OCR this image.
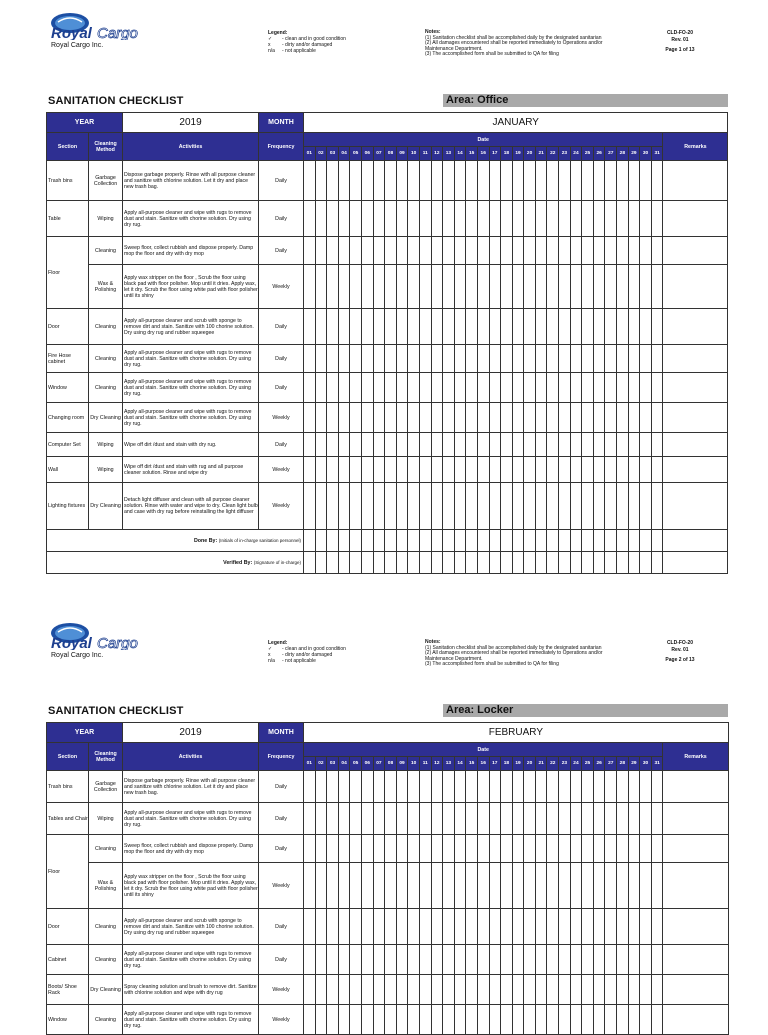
Royal Cargo
Royal Cargo Inc.
Legend:
✓ - clean and in good condition
x - dirty and/or damaged
n/a - not applicable
Notes:
(1) Sanitation checklist shall be accomplished daily by the designated sanitarian
(2) All damages encountered shall be reported immediately to Operations and/or Maintenance Department.
(3) The accomplished form shall be submitted to QA for filing
CLD-FO-20
Rev. 01
Page 1 of 13
SANITATION CHECKLIST	Area: Office
YEAR		2019	MONTH	JANUARY																															
Section	Cleaning Method	Activities	Frequency	Date																															Remarks
				01	02	03	04	05	06	07	08	09	10	11	12	13	14	15	16	17	18	19	20	21	22	23	24	25	26	27	28	29	30	31	
Trash bins	Garbage Collection	Dispose garbage properly. Rinse with all purpose cleaner and sanitize with chlorine solution. Let it dry and place new trash bag.	Daily																																
Table	Wiping	Apply all-purpose cleaner and wipe with rugs to remove dust and stain. Sanitize with chorine solution. Dry using dry rug.	Daily																																
Floor	Cleaning	Sweep floor, collect rubbish and dispose properly. Damp mop the floor and dry with dry mop	Daily																																
	Wax & Polishing	Apply wax stripper on the floor , Scrub the floor using black pad with floor polisher. Mop until it dries. Apply wax, let it dry. Scrub the floor using white pad with floor polisher until its shiny	Weekly																																
Door	Cleaning	Apply all-purpose cleaner and scrub with sponge to remove dirt and stain. Sanitize with 100 chorine solution. Dry using dry rug and rubber squeegee	Daily																																
Fire Hose cabinet	Cleaning	Apply all-purpose cleaner and wipe with rugs to remove dust and stain. Sanitize with chorine solution. Dry using dry rug.	Daily																																
Window	Cleaning	Apply all-purpose cleaner and wipe with rugs to remove dust and stain. Sanitize with chorine solution. Dry using dry rug.	Daily																																
Changing room	Dry Cleaning	Apply all-purpose cleaner and wipe with rugs to remove dust and stain. Sanitize with chorine solution. Dry using dry rug.	Weekly																																
Computer Set	Wiping	Wipe off dirt /dust and stain with dry rug.	Daily																																
Wall	Wiping	Wipe off dirt /dust and stain with rug and all purpose cleaner solution. Rinse and wipe dry	Weekly																																
Lighting fixtures	Dry Cleaning	Detach light diffuser and clean with all purpose cleaner solution. Rinse with water and wipe to dry. Clean light bulb and case with dry rug before reinstalling the light diffuser	Weekly																																
Done By: (Initials of in-charge sanitation personnel)																																			
Verified By: (Signature of in-charge)																																			
Royal Cargo
Royal Cargo Inc.
Legend:
✓ - clean and in good condition
x - dirty and/or damaged
n/a - not applicable
Notes:
(1) Sanitation checklist shall be accomplished daily by the designated sanitarian
(2) All damages encountered shall be reported immediately to Operations and/or Maintenance Department.
(3) The accomplished form shall be submitted to QA for filing
CLD-FO-20
Rev. 01
Page 2 of 13
SANITATION CHECKLIST	Area: Locker
YEAR		2019	MONTH	FEBRUARY																															
Section	Cleaning Method	Activities	Frequency	Date																															Remarks
				01	02	03	04	05	06	07	08	09	10	11	12	13	14	15	16	17	18	19	20	21	22	23	24	25	26	27	28	29	30	31	
Trash bins	Garbage Collection	Dispose garbage properly. Rinse with all purpose cleaner and sanitize with chlorine solution. Let it dry and place new trash bag.	Daily																																
Tables and Chair	Wiping	Apply all-purpose cleaner and wipe with rugs to remove dust and stain. Sanitize with chorine solution. Dry using dry rug.	Daily																																
Floor	Cleaning	Sweep floor, collect rubbish and dispose properly. Damp mop the floor and dry with dry mop	Daily																																
	Wax & Polishing	Apply wax stripper on the floor , Scrub the floor using black pad with floor polisher. Mop until it dries. Apply wax, let it dry. Scrub the floor using white pad with floor polisher until its shiny	Weekly																																
Door	Cleaning	Apply all-purpose cleaner and scrub with sponge to remove dirt and stain. Sanitize with 100 chorine solution. Dry using dry rug and rubber squeegee	Daily																																
Cabinet	Cleaning	Apply all-purpose cleaner and wipe with rugs to remove dust and stain. Sanitize with chorine solution. Dry using dry rug.	Daily																																
Boots/ Shoe Rack	Dry Cleaning	Spray cleaning solution and brush to remove dirt. Sanitize with chlorine solution and wipe with dry rug	Weekly																																
Window	Cleaning	Apply all-purpose cleaner and wipe with rugs to remove dust and stain. Sanitize with chorine solution. Dry using dry rug.	Weekly																																
